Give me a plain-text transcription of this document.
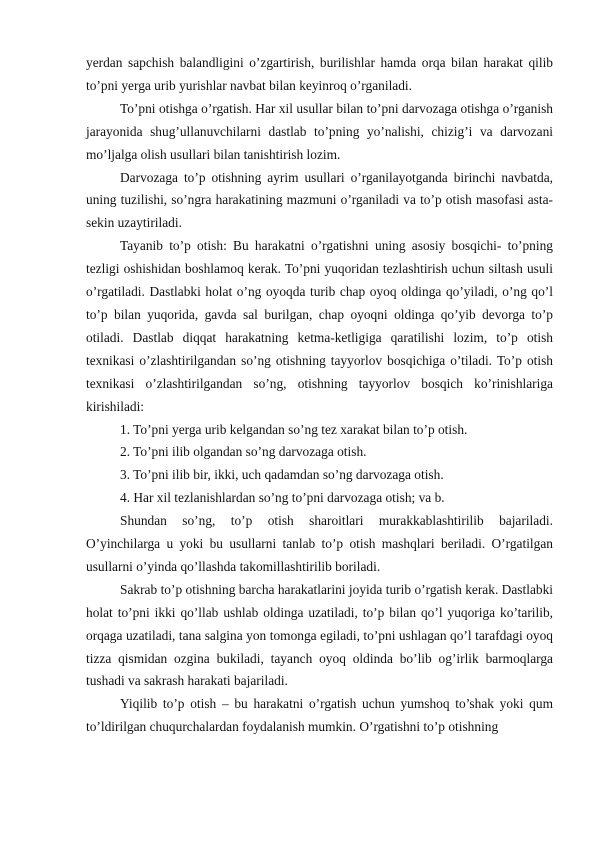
yerdan sapchish balandligini o’zgartirish, burilishlar hamda orqa bilan harakat qilib to’pni yerga urib yurishlar navbat bilan keyinroq o’rganiladi.

To’pni otishga o’rgatish. Har xil usullar bilan to’pni darvozaga otishga o’rganish jarayonida shug’ullanuvchilarni dastlab to’pning yo’nalishi, chizig’i va darvozani mo’ljalga olish usullari bilan tanishtirish lozim.

Darvozaga to’p otishning ayrim usullari o’rganilayotganda birinchi navbatda, uning tuzilishi, so’ngra harakatining mazmuni o’rganiladi va to’p otish masofasi asta-sekin uzaytiriladi.

Tayanib to’p otish: Bu harakatni o’rgatishni uning asosiy bosqichi- to’pning tezligi oshishidan boshlamoq kerak. To’pni yuqoridan tezlashtirish uchun siltash usuli o’rgatiladi. Dastlabki holat o’ng oyoqda turib chap oyoq oldinga qo’yiladi, o’ng qo’l to’p bilan yuqorida, gavda sal burilgan, chap oyoqni oldinga qo’yib devorga to’p otiladi. Dastlab diqqat harakatning ketma-ketligiga qaratilishi lozim, to’p otish texnikasi o’zlashtirilgandan so’ng otishning tayyorlov bosqichiga o’tiladi. To’p otish texnikasi o’zlashtirilgandan so’ng, otishning tayyorlov bosqich ko’rinishlariga kirishiladi:

1. To’pni yerga urib kelgandan so’ng tez xarakat bilan to’p otish.

2. To’pni ilib olgandan so’ng darvozaga otish.

3. To’pni ilib bir, ikki, uch qadamdan so’ng darvozaga otish.

4. Har xil tezlanishlardan so’ng to’pni darvozaga otish; va b.

Shundan so’ng, to’p otish sharoitlari murakkablashtirilib bajariladi. O’yinchilarga u yoki bu usullarni tanlab to’p otish mashqlari beriladi. O’rgatilgan usullarni o’yinda qo’llashda takomillashtirilib boriladi.

Sakrab to’p otishning barcha harakatlarini joyida turib o’rgatish kerak. Dastlabki holat to’pni ikki qo’llab ushlab oldinga uzatiladi, to’p bilan qo’l yuqoriga ko’tarilib, orqaga uzatiladi, tana salgina yon tomonga egiladi, to’pni ushlagan qo’l tarafdagi oyoq tizza qismidan ozgina bukiladi, tayanch oyoq oldinda bo’lib og’irlik barmoqlarga tushadi va sakrash harakati bajariladi.

Yiqilib to’p otish – bu harakatni o’rgatish uchun yumshoq to’shak yoki qum to’ldirilgan chuqurchalardan foydalanish mumkin. O’rgatishni to’p otishning
